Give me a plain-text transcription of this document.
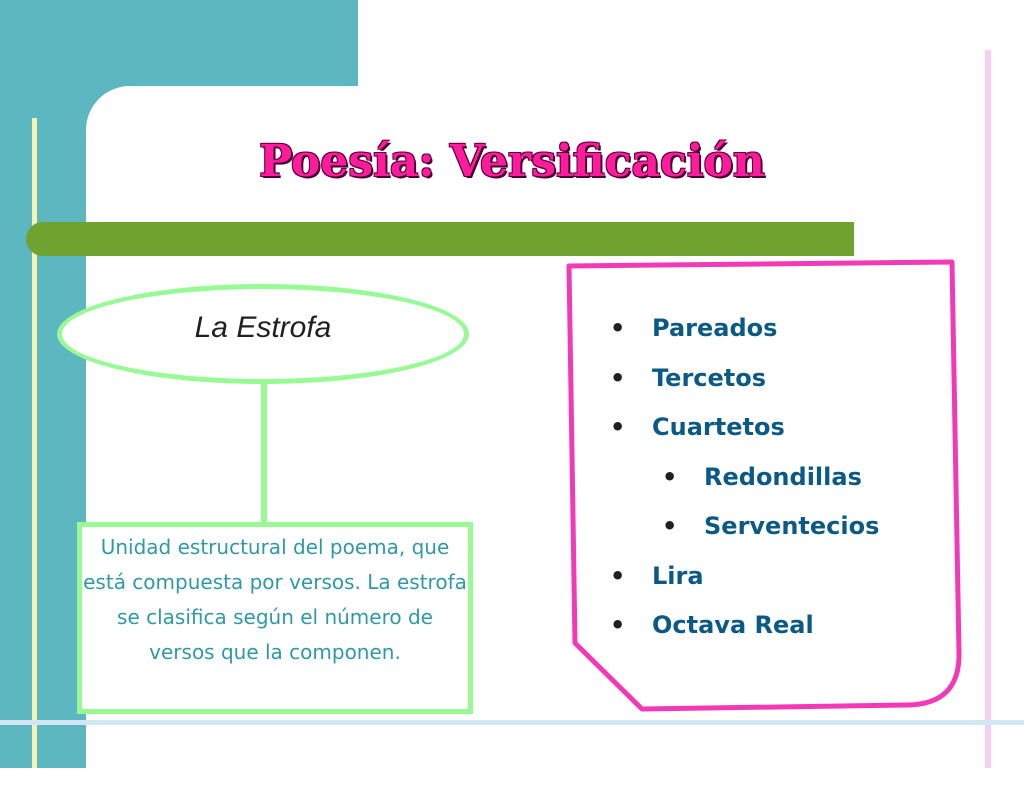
Poesía: Versificación
La Estrofa

Unidad estructural del poema, que está compuesta por versos. La estrofa se clasifica según el número de versos que la componen.

• Pareados
• Tercetos
• Cuartetos
• Redondillas
• Serventecios
• Lira
• Octava Real
